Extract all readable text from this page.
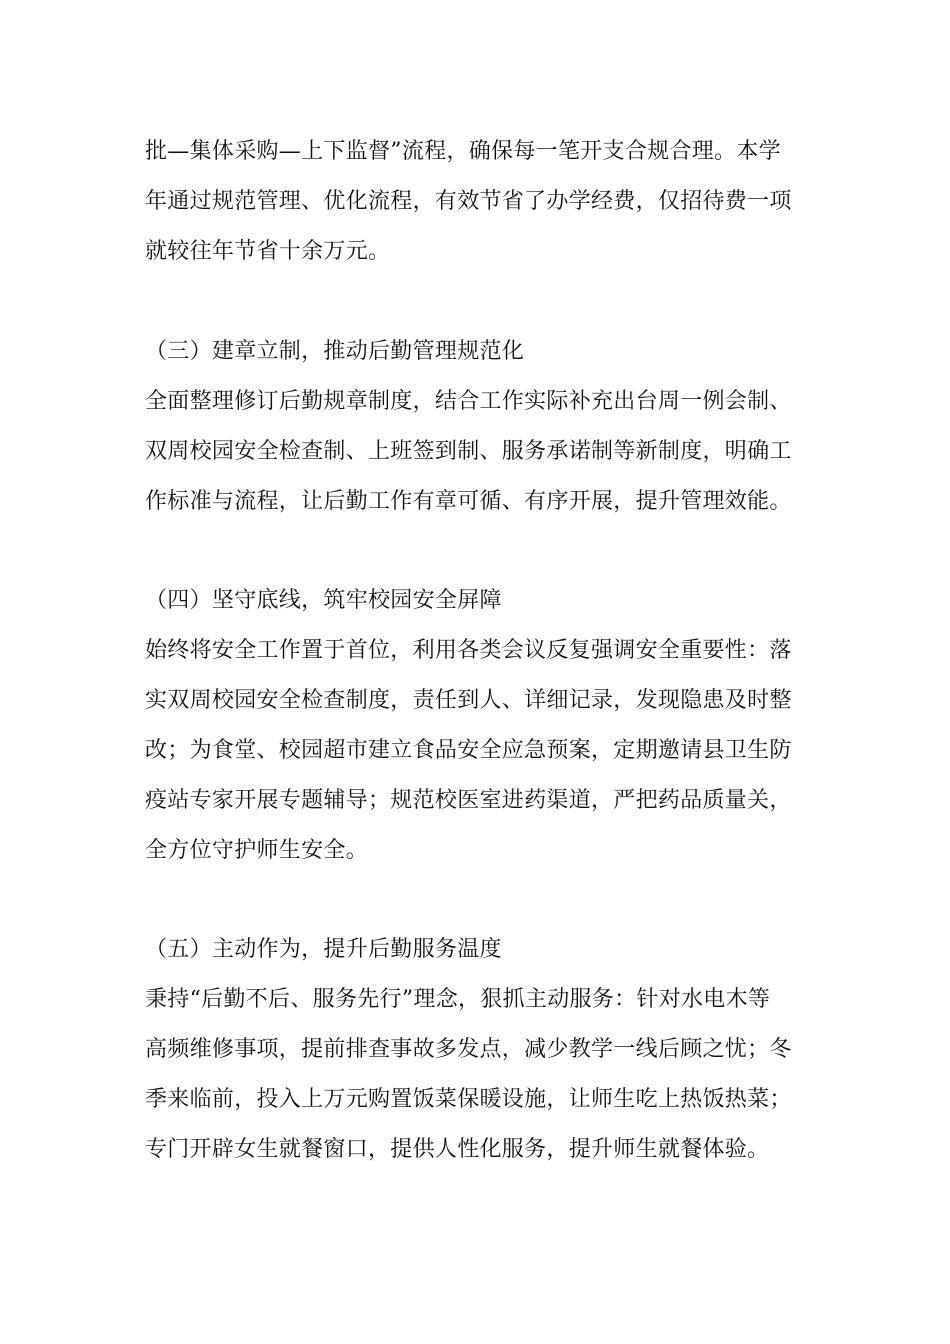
批—集体采购—上下监督”流程，确保每一笔开支合规合理。本学
年通过规范管理、优化流程，有效节省了办学经费，仅招待费一项
就较往年节省十余万元。
（三）建章立制，推动后勤管理规范化
全面整理修订后勤规章制度，结合工作实际补充出台周一例会制、
双周校园安全检查制、上班签到制、服务承诺制等新制度，明确工
作标准与流程，让后勤工作有章可循、有序开展，提升管理效能。
（四）坚守底线，筑牢校园安全屏障
始终将安全工作置于首位，利用各类会议反复强调安全重要性：落
实双周校园安全检查制度，责任到人、详细记录，发现隐患及时整
改；为食堂、校园超市建立食品安全应急预案，定期邀请县卫生防
疫站专家开展专题辅导；规范校医室进药渠道，严把药品质量关，
全方位守护师生安全。
（五）主动作为，提升后勤服务温度
秉持“后勤不后、服务先行”理念，狠抓主动服务：针对水电木等
高频维修事项，提前排查事故多发点，减少教学一线后顾之忧；冬
季来临前，投入上万元购置饭菜保暖设施，让师生吃上热饭热菜；
专门开辟女生就餐窗口，提供人性化服务，提升师生就餐体验。
